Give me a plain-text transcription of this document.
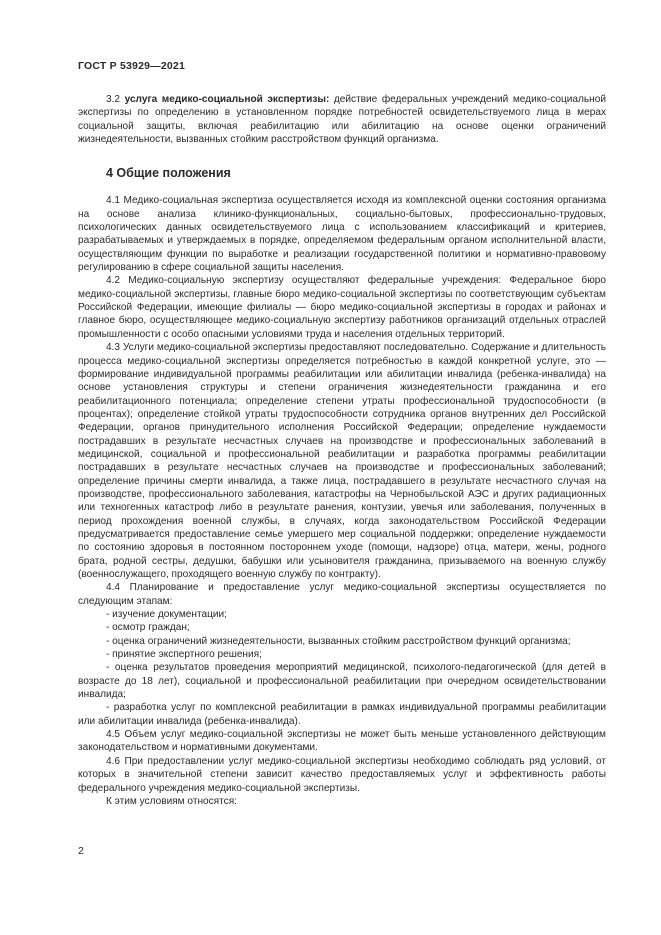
ГОСТ Р 53929—2021

3.2 услуга медико-социальной экспертизы: действие федеральных учреждений медико-социальной экспертизы по определению в установленном порядке потребностей освидетельствуемого лица в мерах социальной защиты, включая реабилитацию или абилитацию на основе оценки ограничений жизнедеятельности, вызванных стойким расстройством функций организма.

4 Общие положения

4.1 Медико-социальная экспертиза осуществляется исходя из комплексной оценки состояния организма на основе анализа клинико-функциональных, социально-бытовых, профессионально-трудовых, психологических данных освидетельствуемого лица с использованием классификаций и критериев, разрабатываемых и утверждаемых в порядке, определяемом федеральным органом исполнительной власти, осуществляющим функции по выработке и реализации государственной политики и нормативно-правовому регулированию в сфере социальной защиты населения.

4.2 Медико-социальную экспертизу осуществляют федеральные учреждения: Федеральное бюро медико-социальной экспертизы, главные бюро медико-социальной экспертизы по соответствующим субъектам Российской Федерации, имеющие филиалы — бюро медико-социальной экспертизы в городах и районах и главное бюро, осуществляющее медико-социальную экспертизу работников организаций отдельных отраслей промышленности с особо опасными условиями труда и населения отдельных территорий.

4.3 Услуги медико-социальной экспертизы предоставляют последовательно. Содержание и длительность процесса медико-социальной экспертизы определяется потребностью в каждой конкретной услуге, это — формирование индивидуальной программы реабилитации или абилитации инвалида (ребенка-инвалида) на основе установления структуры и степени ограничения жизнедеятельности гражданина и его реабилитационного потенциала; определение степени утраты профессиональной трудоспособности (в процентах); определение стойкой утраты трудоспособности сотрудника органов внутренних дел Российской Федерации, органов принудительного исполнения Российской Федерации; определение нуждаемости пострадавших в результате несчастных случаев на производстве и профессиональных заболеваний в медицинской, социальной и профессиональной реабилитации и разработка программы реабилитации пострадавших в результате несчастных случаев на производстве и профессиональных заболеваний; определение причины смерти инвалида, а также лица, пострадавшего в результате несчастного случая на производстве, профессионального заболевания, катастрофы на Чернобыльской АЭС и других радиационных или техногенных катастроф либо в результате ранения, контузии, увечья или заболевания, полученных в период прохождения военной службы, в случаях, когда законодательством Российской Федерации предусматривается предоставление семье умершего мер социальной поддержки; определение нуждаемости по состоянию здоровья в постоянном постороннем уходе (помощи, надзоре) отца, матери, жены, родного брата, родной сестры, дедушки, бабушки или усыновителя гражданина, призываемого на военную службу (военнослужащего, проходящего военную службу по контракту).

4.4 Планирование и предоставление услуг медико-социальной экспертизы осуществляется по следующим этапам:

- изучение документации;

- осмотр граждан;

- оценка ограничений жизнедеятельности, вызванных стойким расстройством функций организма;

- принятие экспертного решения;

- оценка результатов проведения мероприятий медицинской, психолого-педагогической (для детей в возрасте до 18 лет), социальной и профессиональной реабилитации при очередном освидетельствовании инвалида;

- разработка услуг по комплексной реабилитации в рамках индивидуальной программы реабилитации или абилитации инвалида (ребенка-инвалида).

4.5 Объем услуг медико-социальной экспертизы не может быть меньше установленного действующим законодательством и нормативными документами.

4.6 При предоставлении услуг медико-социальной экспертизы необходимо соблюдать ряд условий, от которых в значительной степени зависит качество предоставляемых услуг и эффективность работы федерального учреждения медико-социальной экспертизы.

К этим условиям относятся:

2
